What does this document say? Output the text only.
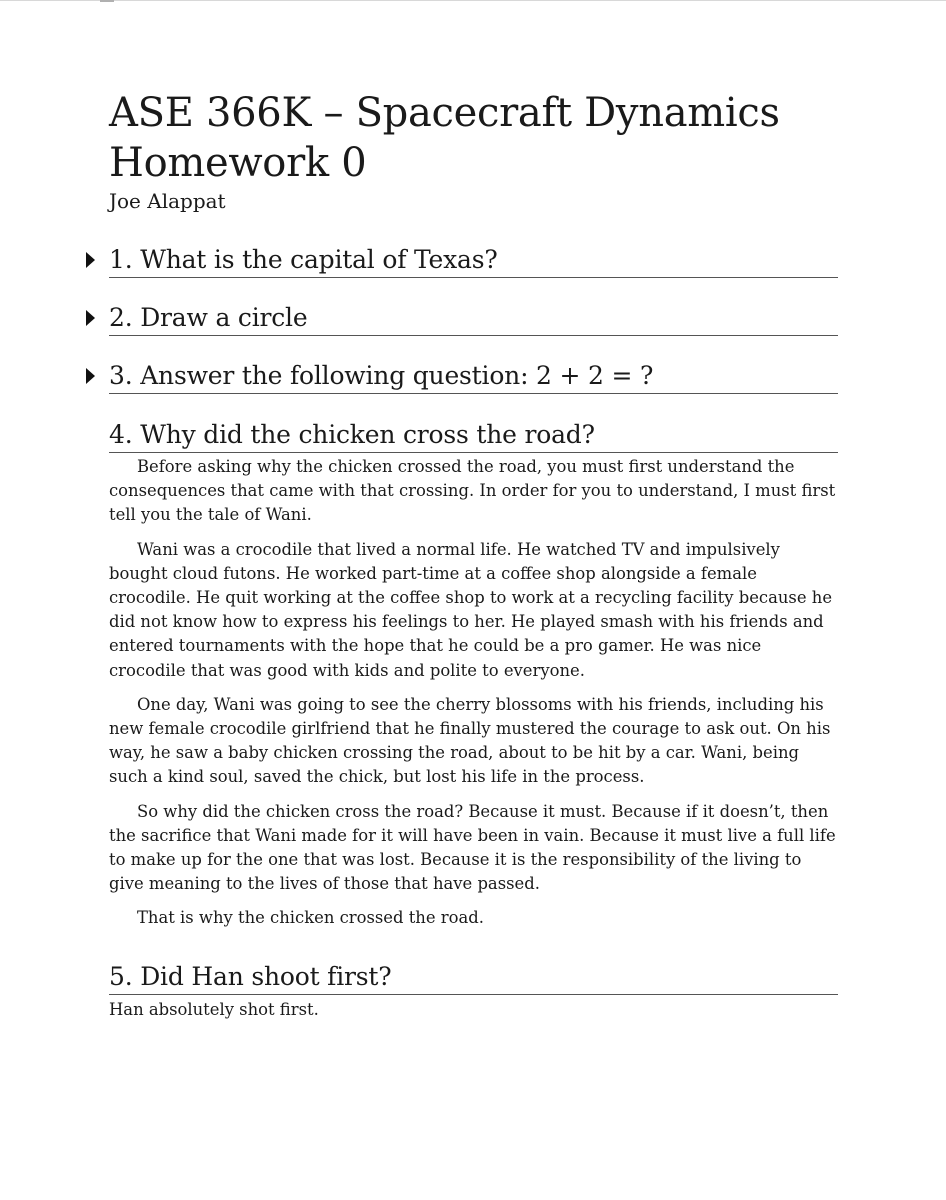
ASE 366K – Spacecraft Dynamics
Homework 0

Joe Alappat

1. What is the capital of Texas?
2. Draw a circle
3. Answer the following question: 2 + 2 = ?
4. Why did the chicken cross the road?

Before asking why the chicken crossed the road, you must first understand the consequences that came with that crossing. In order for you to understand, I must first tell you the tale of Wani.

Wani was a crocodile that lived a normal life. He watched TV and impulsively bought cloud futons. He worked part-time at a coffee shop alongside a female crocodile. He quit working at the coffee shop to work at a recycling facility because he did not know how to express his feelings to her. He played smash with his friends and entered tournaments with the hope that he could be a pro gamer. He was nice crocodile that was good with kids and polite to everyone.

One day, Wani was going to see the cherry blossoms with his friends, including his new female crocodile girlfriend that he finally mustered the courage to ask out. On his way, he saw a baby chicken crossing the road, about to be hit by a car. Wani, being such a kind soul, saved the chick, but lost his life in the process.

So why did the chicken cross the road? Because it must. Because if it doesn’t, then the sacrifice that Wani made for it will have been in vain. Because it must live a full life to make up for the one that was lost. Because it is the responsibility of the living to give meaning to the lives of those that have passed.

That is why the chicken crossed the road.

5. Did Han shoot first?

Han absolutely shot first.
